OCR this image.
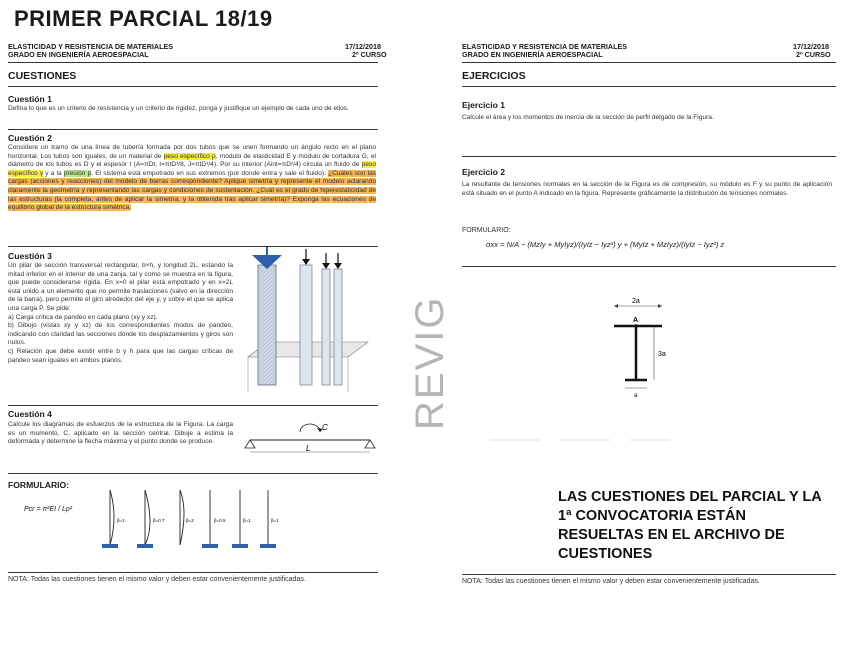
PRIMER PARCIAL 18/19
ELASTICIDAD Y RESISTENCIA DE MATERIALES
GRADO EN INGENIERÍA AEROESPACIAL
17/12/2018
2º CURSO
CUESTIONES
Cuestión 1
Defina lo que es un criterio de resistencia y un criterio de rigidez, ponga y justifique un ejemplo de cada uno de ellos.
Cuestión 2
Considere un tramo de una línea de tubería formada por dos tubos que se unen formando un ángulo recto en el plano horizontal. Los tubos son iguales, de un material de peso específico ρ, módulo de elasticidad E y módulo de cortadura G, el diámetro de los tubos es D y el espesor t (A=πDt, I=πtD³/8, J=πtD³/4). Por su interior (Aint=πD²/4) circula un fluido de peso específico γ y a la presión p. El sistema está empotrado en sus extremos (por donde entra y sale el fluido). ¿Cuáles son las cargas (acciones y reacciones) del modelo de barras correspondiente? Aplique simetría y represente el modelo aclarando claramente la geometría y representando las cargas y condiciones de sustentación. ¿Cuál es el grado de hiperestaticidad de las estructuras (la completa, antes de aplicar la simetría, y la obtenida tras aplicar simetría)? Exponga las ecuaciones de equilibrio global de la estructura simétrica.
Cuestión 3
Un pilar de sección transversal rectangular, b×h, y longitud 2L, estando la mitad inferior en el interior de una zanja, tal y como se muestra en la figura, que puede considerarse rígida. En x=0 el pilar está empotrado y en x=2L está unido a un elemento que no permite traslaciones (salvo en la dirección de la barra), pero permite el giro alrededor del eje y, y sobre el que se aplica una carga P. Se pide:
a) Carga crítica de pandeo en cada plano (xy y xz).
b) Dibujo (vistas xy y xz) de los correspondientes modos de pandeo, indicando con claridad las secciones donde los desplazamientos y giros son nulos.
c) Relación que debe existir entre b y h para que las cargas críticas de pandeo sean iguales en ambos planos.
Cuestión 4
Calcule los diagramas de esfuerzos de la estructura de la Figura. La carga es un momento, C, aplicado en la sección central. Dibuje a estima la deformada y determine la flecha máxima y el punto donde se produce.
C
L
FORMULARIO:
Pcr = π²EI / Lp²
β=1	β=0.7	β=2	β=0.5	β=1	β=1
NOTA: Todas las cuestiones tienen el mismo valor y deben estar convenientemente justificadas.
REVIG
ELASTICIDAD Y RESISTENCIA DE MATERIALES
GRADO EN INGENIERÍA AEROESPACIAL
17/12/2018
2º CURSO
EJERCICIOS
Ejercicio 1
Calcule el área y los momentos de inercia de la sección de perfil delgado de la Figura.
Ejercicio 2
La resultante de tensiones normales en la sección de la Figura es de compresión, su módulo es F y su punto de aplicación está situado en el punto A indicado en la figura. Represente gráficamente la distribución de tensiones normales.
FORMULARIO:
σxx = N/A − (MzIy + MyIyz)/(IyIz − Iyz²) y + (MyIz + MzIyz)/(IyIz − Iyz²) z
2a
A
3a
a
LAS CUESTIONES DEL PARCIAL Y LA 1ª CONVOCATORIA ESTÁN RESUELTAS EN EL ARCHIVO DE CUESTIONES
NOTA: Todas las cuestiones tienen el mismo valor y deben estar convenientemente justificadas.
